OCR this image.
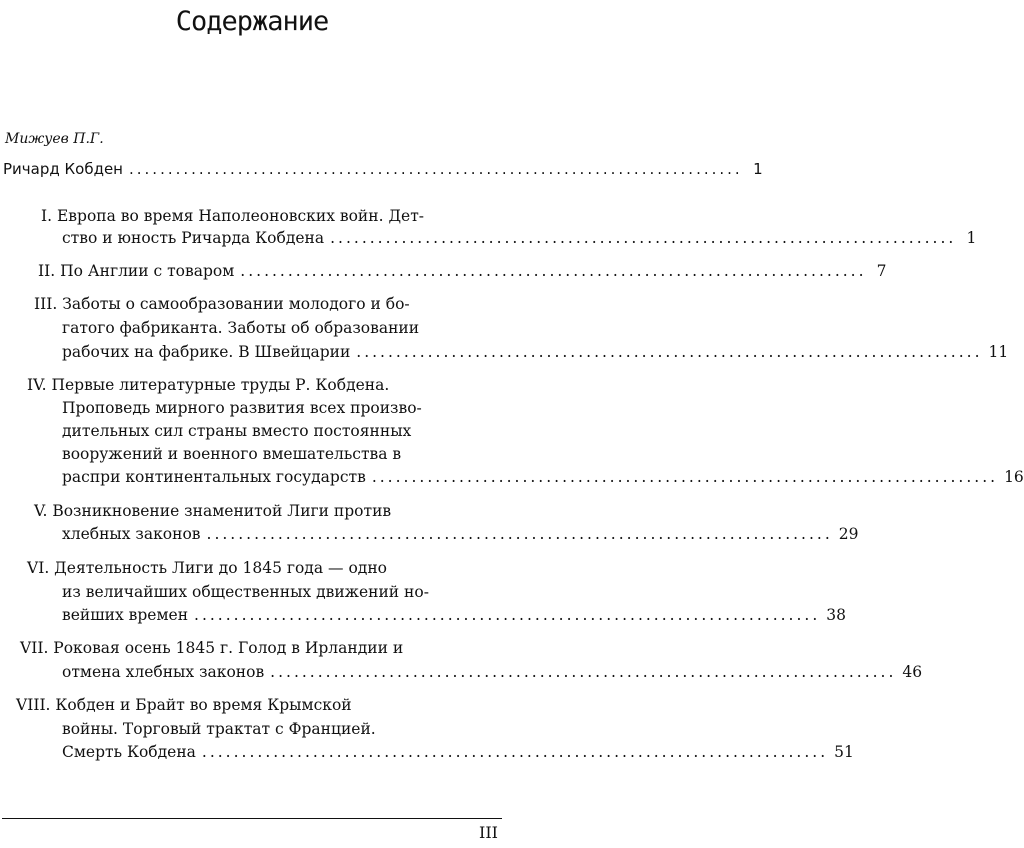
Содержание
Мижуев П.Г.
Ричард Кобден ............................................................................... 1
I. Европа во время Наполеоновских войн. Дет-
ство и юность Ричарда Кобдена ............................................................................... 1
II. По Англии с товаром ............................................................................... 7
III. Заботы о самообразовании молодого и бо-
гатого фабриканта. Заботы об образовании
рабочих на фабрике. В Швейцарии ............................................................................... 11
IV. Первые литературные труды Р. Кобдена.
Проповедь мирного развития всех произво-
дительных сил страны вместо постоянных
вооружений и военного вмешательства в
распри континентальных государств ............................................................................... 16
V. Возникновение знаменитой Лиги против
хлебных законов ............................................................................... 29
VI. Деятельность Лиги до 1845 года — одно
из величайших общественных движений но-
вейших времен ............................................................................... 38
VII. Роковая осень 1845 г. Голод в Ирландии и
отмена хлебных законов ............................................................................... 46
VIII. Кобден и Брайт во время Крымской
войны. Торговый трактат с Францией.
Смерть Кобдена ............................................................................... 51
III
